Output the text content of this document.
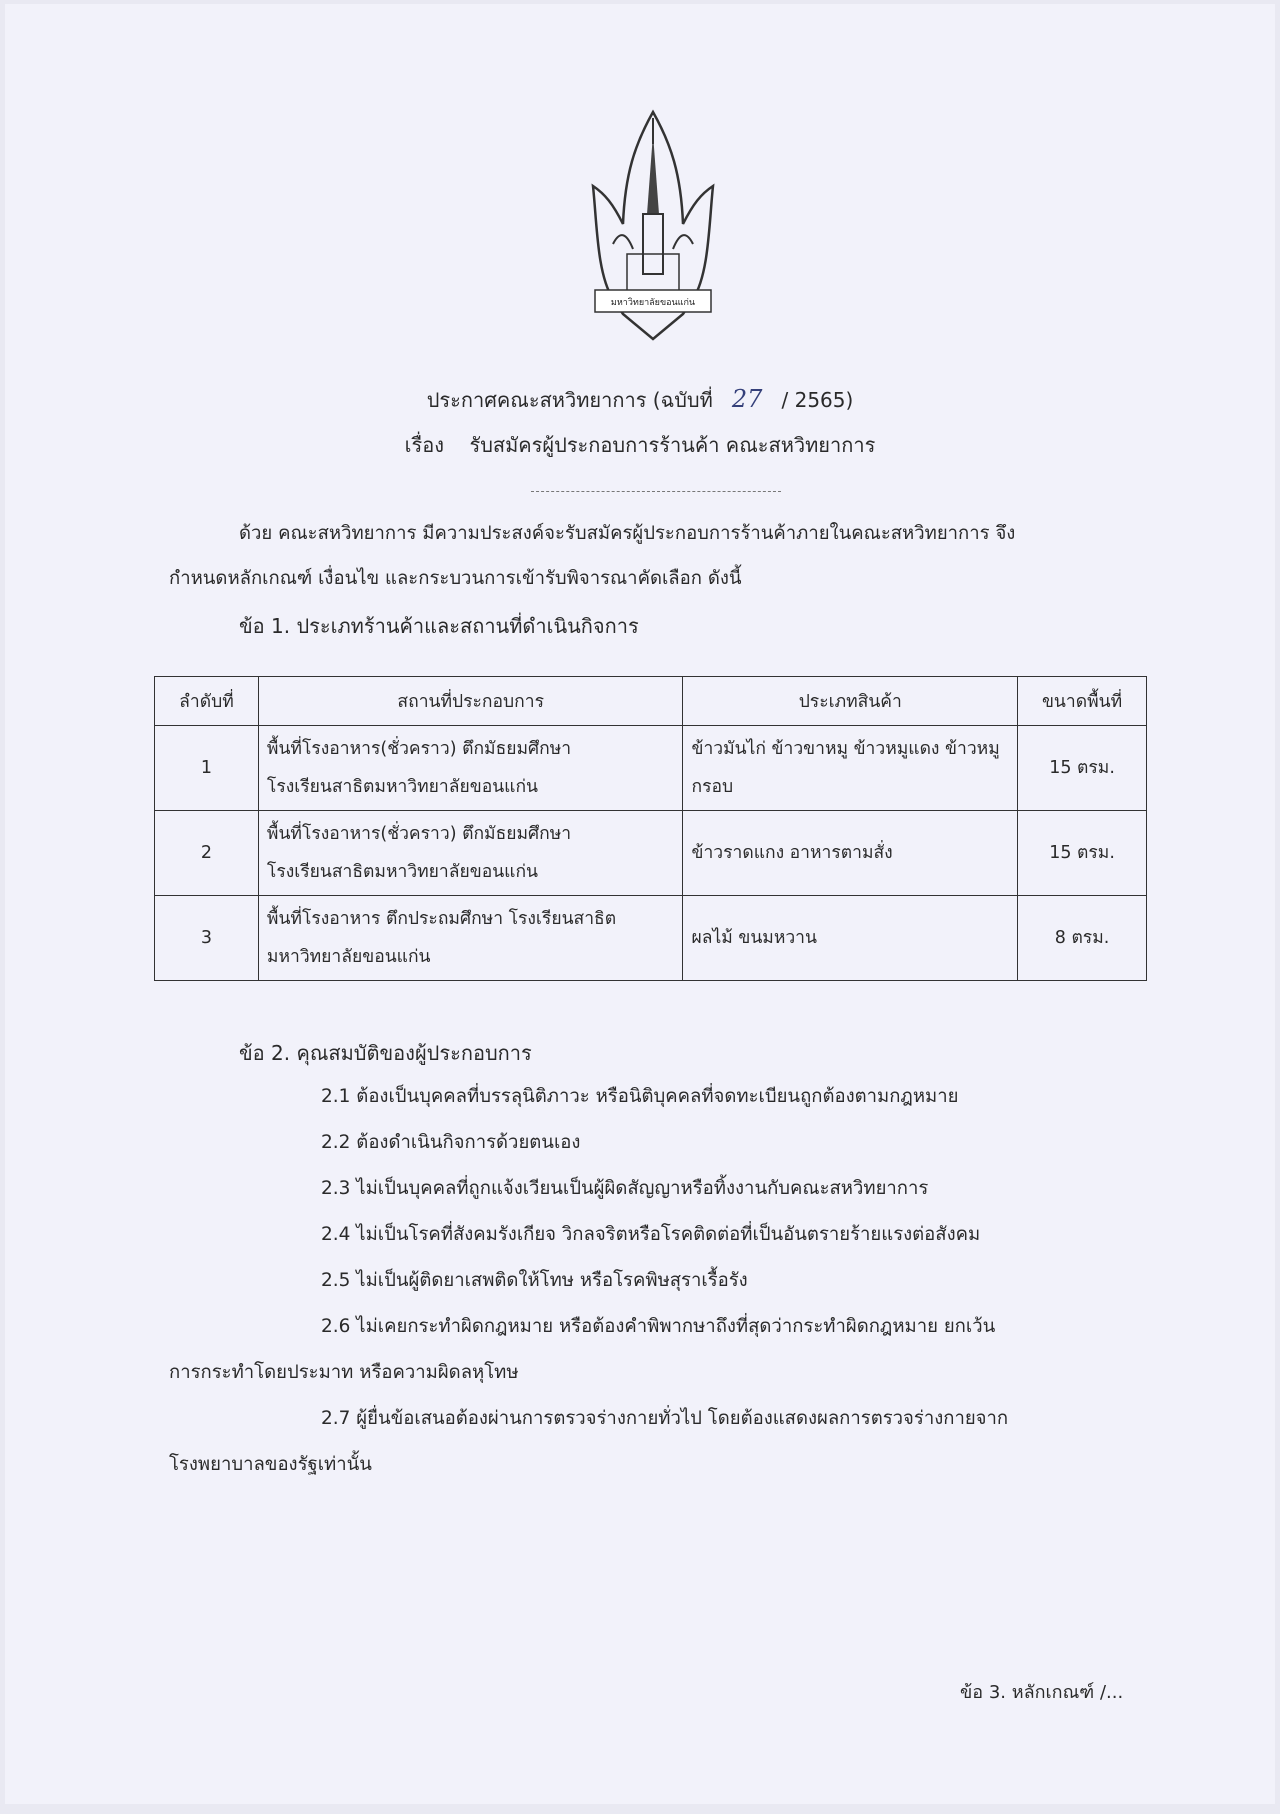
มหาวิทยาลัยขอนแก่น
ประกาศคณะสหวิทยาการ (ฉบับที่ 27 / 2565)
เรื่อง รับสมัครผู้ประกอบการร้านค้า คณะสหวิทยาการ
ด้วย คณะสหวิทยาการ มีความประสงค์จะรับสมัครผู้ประกอบการร้านค้าภายในคณะสหวิทยาการ จึง
กำหนดหลักเกณฑ์ เงื่อนไข และกระบวนการเข้ารับพิจารณาคัดเลือก ดังนี้
ข้อ 1. ประเภทร้านค้าและสถานที่ดำเนินกิจการ
ลำดับที่	สถานที่ประกอบการ	ประเภทสินค้า	ขนาดพื้นที่
1	พื้นที่โรงอาหาร(ชั่วคราว) ตึกมัธยมศึกษา โรงเรียนสาธิตมหาวิทยาลัยขอนแก่น	ข้าวมันไก่ ข้าวขาหมู ข้าวหมูแดง ข้าวหมูกรอบ	15 ตรม.
2	พื้นที่โรงอาหาร(ชั่วคราว) ตึกมัธยมศึกษา โรงเรียนสาธิตมหาวิทยาลัยขอนแก่น	ข้าวราดแกง อาหารตามสั่ง	15 ตรม.
3	พื้นที่โรงอาหาร ตึกประถมศึกษา โรงเรียนสาธิตมหาวิทยาลัยขอนแก่น	ผลไม้ ขนมหวาน	8 ตรม.
ข้อ 2. คุณสมบัติของผู้ประกอบการ
2.1 ต้องเป็นบุคคลที่บรรลุนิติภาวะ หรือนิติบุคคลที่จดทะเบียนถูกต้องตามกฎหมาย
2.2 ต้องดำเนินกิจการด้วยตนเอง
2.3 ไม่เป็นบุคคลที่ถูกแจ้งเวียนเป็นผู้ผิดสัญญาหรือทิ้งงานกับคณะสหวิทยาการ
2.4 ไม่เป็นโรคที่สังคมรังเกียจ วิกลจริตหรือโรคติดต่อที่เป็นอันตรายร้ายแรงต่อสังคม
2.5 ไม่เป็นผู้ติดยาเสพติดให้โทษ หรือโรคพิษสุราเรื้อรัง
2.6 ไม่เคยกระทำผิดกฎหมาย หรือต้องคำพิพากษาถึงที่สุดว่ากระทำผิดกฎหมาย ยกเว้น
การกระทำโดยประมาท หรือความผิดลหุโทษ
2.7 ผู้ยื่นข้อเสนอต้องผ่านการตรวจร่างกายทั่วไป โดยต้องแสดงผลการตรวจร่างกายจาก
โรงพยาบาลของรัฐเท่านั้น
ข้อ 3. หลักเกณฑ์ /...
